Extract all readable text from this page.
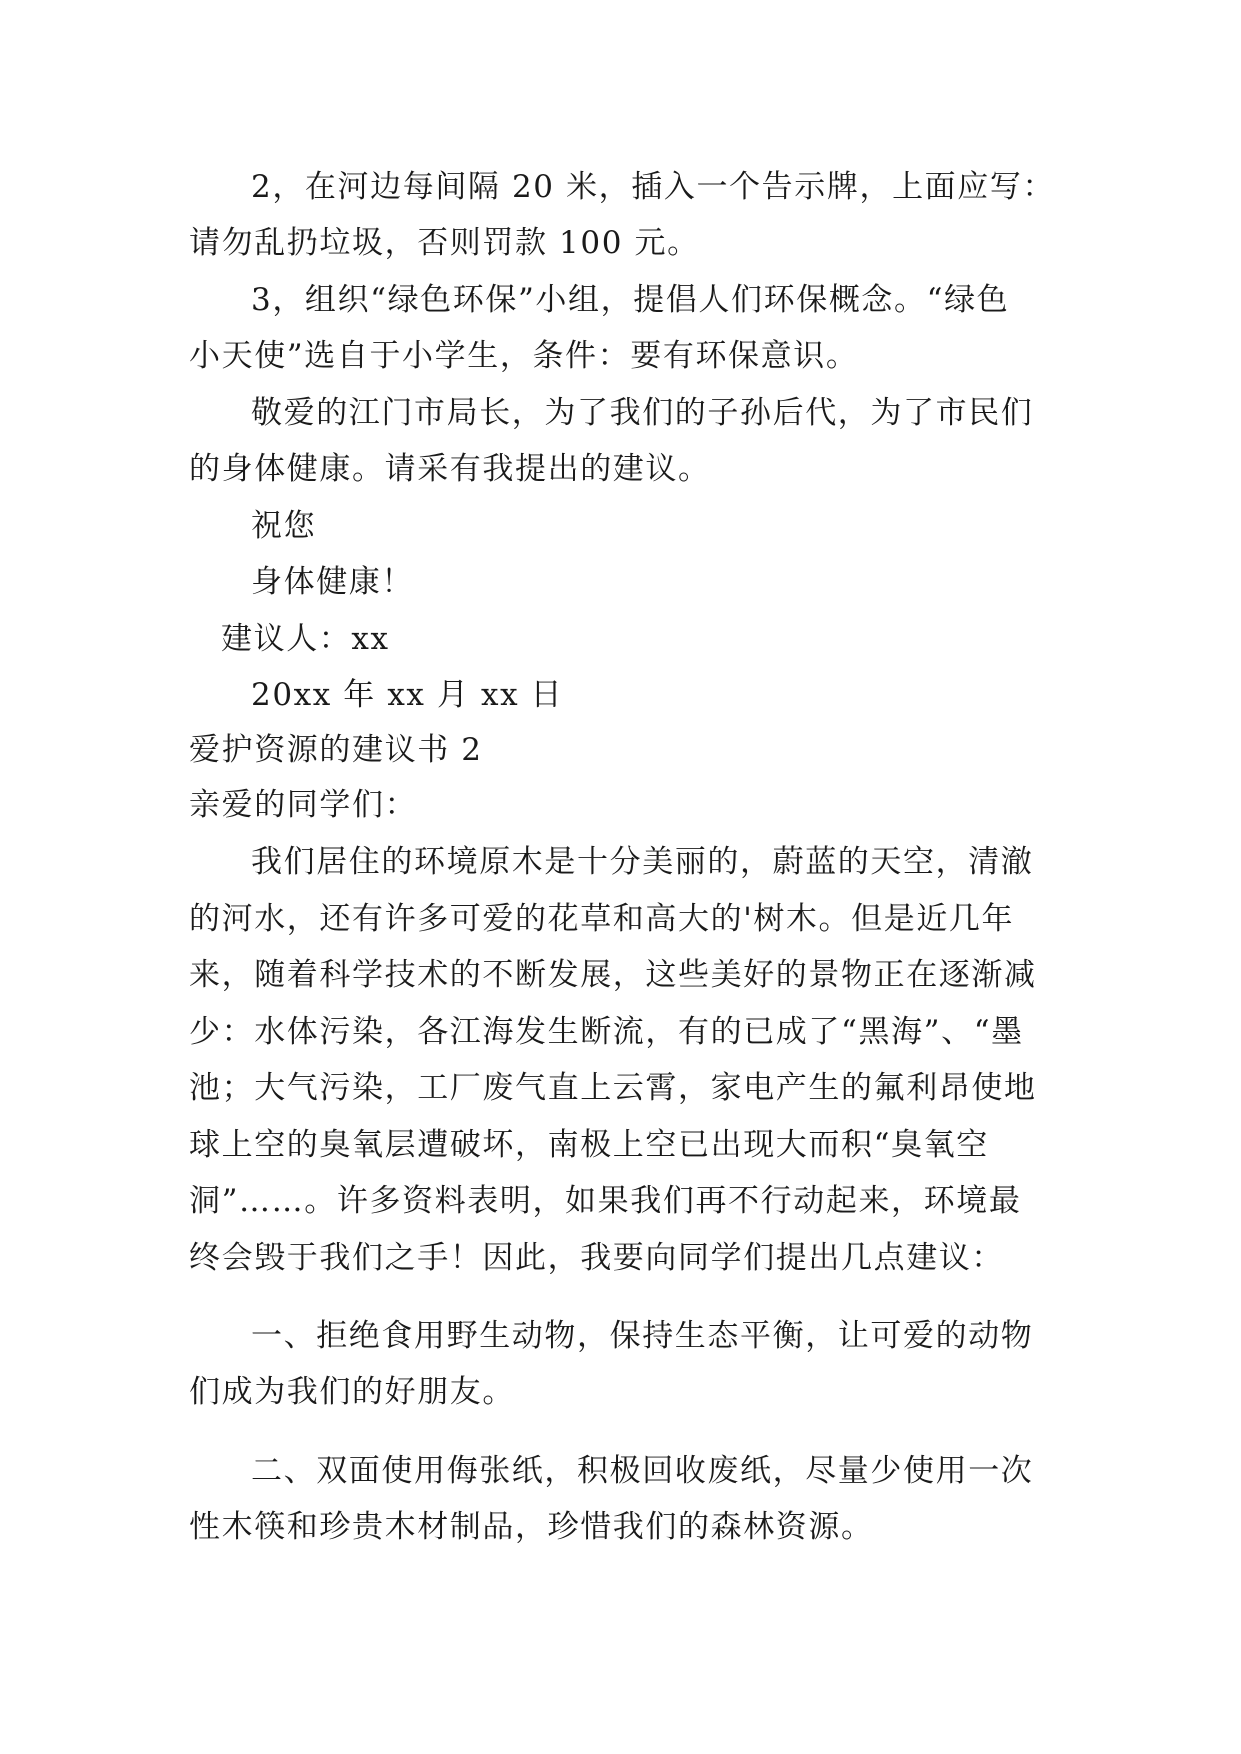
2，在河边每间隔 20 米，插入一个告示牌，上面应写：
请勿乱扔垃圾，否则罚款 100 元。
3，组织“绿色环保”小组，提倡人们环保概念。“绿色
小天使”选自于小学生，条件：要有环保意识。
敬爱的江门市局长，为了我们的子孙后代，为了市民们
的身体健康。请采有我提出的建议。
祝您
身体健康！
建议人：xx
20xx 年 xx 月 xx 日
爱护资源的建议书 2
亲爱的同学们：
我们居住的环境原木是十分美丽的，蔚蓝的天空，清澈
的河水，还有许多可爱的花草和高大的'树木。但是近几年
来，随着科学技术的不断发展，这些美好的景物正在逐渐减
少：水体污染，各江海发生断流，有的已成了“黑海”、“墨
池；大气污染，工厂废气直上云霄，家电产生的氟利昂使地
球上空的臭氧层遭破坏，南极上空已出现大而积“臭氧空
洞”……。许多资料表明，如果我们再不行动起来，环境最
终会毁于我们之手！因此，我要向同学们提出几点建议：
一、拒绝食用野生动物，保持生态平衡，让可爱的动物
们成为我们的好朋友。
二、双面使用侮张纸，积极回收废纸，尽量少使用一次
性木筷和珍贵木材制品，珍惜我们的森林资源。
